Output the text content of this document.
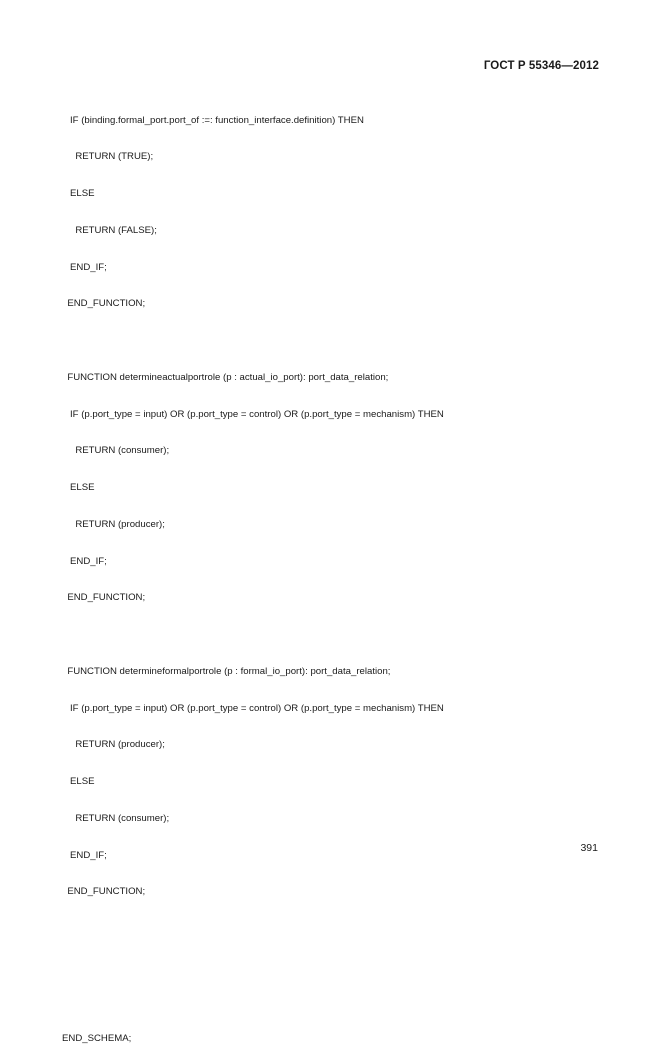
ГОСТ Р 55346—2012

IF (binding.formal_port.port_of :=: function_interface.definition) THEN

RETURN (TRUE);

ELSE

RETURN (FALSE);

END_IF;

END_FUNCTION;

FUNCTION determineactualportrole (p : actual_io_port): port_data_relation;

IF (p.port_type = input) OR (p.port_type = control) OR (p.port_type = mechanism) THEN

RETURN (consumer);

ELSE

RETURN (producer);

END_IF;

END_FUNCTION;

FUNCTION determineformalportrole (p : formal_io_port): port_data_relation;

IF (p.port_type = input) OR (p.port_type = control) OR (p.port_type = mechanism) THEN

RETURN (producer);

ELSE

RETURN (consumer);

END_IF;

END_FUNCTION;

END_SCHEMA;

391
